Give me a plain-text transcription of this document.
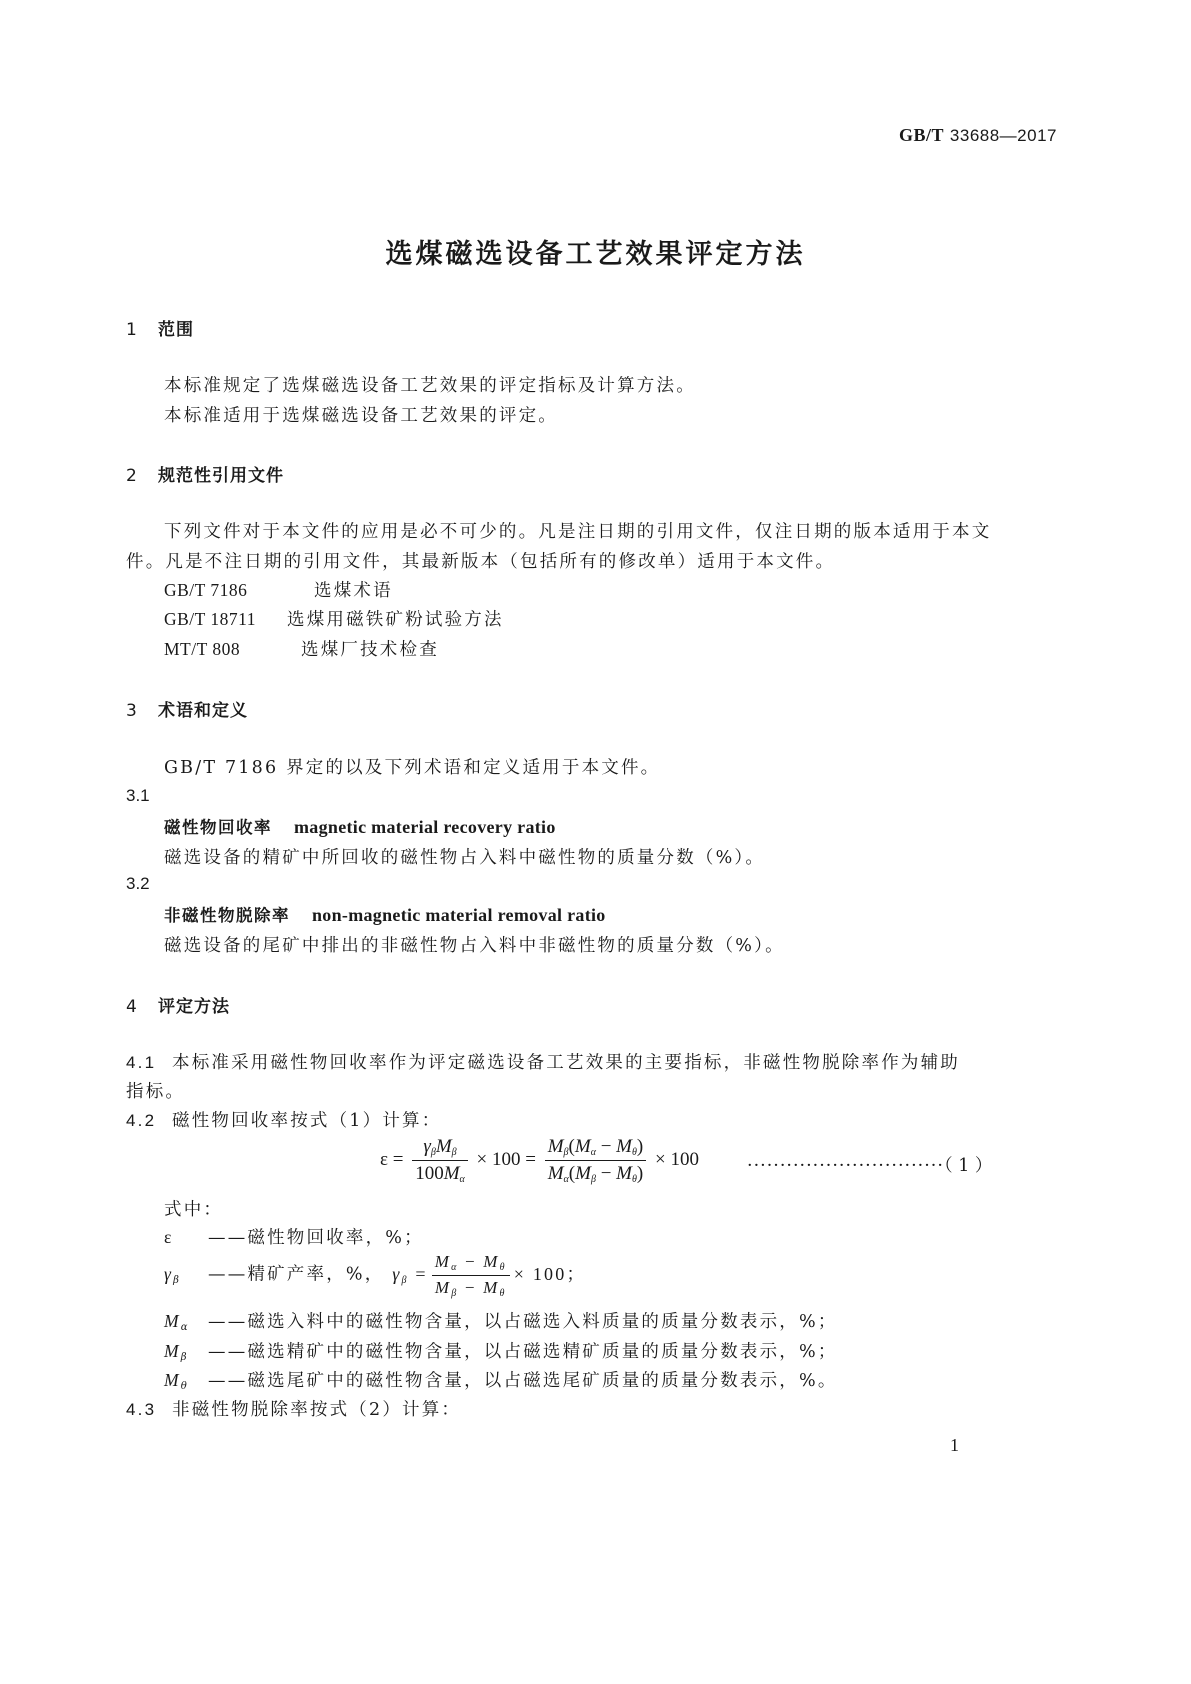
GB/T 33688—2017
选煤磁选设备工艺效果评定方法
1 范围
本标准规定了选煤磁选设备工艺效果的评定指标及计算方法。
本标准适用于选煤磁选设备工艺效果的评定。
2 规范性引用文件
下列文件对于本文件的应用是必不可少的。凡是注日期的引用文件，仅注日期的版本适用于本文
件。凡是不注日期的引用文件，其最新版本（包括所有的修改单）适用于本文件。
GB/T 7186	选煤术语
GB/T 18711 选煤用磁铁矿粉试验方法
MT/T 808	选煤厂技术检查
3 术语和定义
GB/T 7186 界定的以及下列术语和定义适用于本文件。
3.1
磁性物回收率 magnetic material recovery ratio
磁选设备的精矿中所回收的磁性物占入料中磁性物的质量分数（%）。
3.2
非磁性物脱除率 non-magnetic material removal ratio
磁选设备的尾矿中排出的非磁性物占入料中非磁性物的质量分数（%）。
4 评定方法
4.1 本标准采用磁性物回收率作为评定磁选设备工艺效果的主要指标，非磁性物脱除率作为辅助
指标。
4.2 磁性物回收率按式（1）计算：
$\varepsilon = \frac{\gamma_\beta M_\beta}{100M_\alpha} \times 100 = \frac{M_\beta(M_\alpha - M_\theta)}{M_\alpha(M_\beta - M_\theta)} \times 100$	······························（ 1 ）
式中：
ε ——磁性物回收率，%；
$\gamma_\beta$ ——精矿产率，%， $\gamma_\beta = \frac{M_\alpha - M_\theta}{M_\beta - M_\theta} \times 100$；
$M_\alpha$ ——磁选入料中的磁性物含量，以占磁选入料质量的质量分数表示，%；
$M_\beta$ ——磁选精矿中的磁性物含量，以占磁选精矿质量的质量分数表示，%；
$M_\theta$ ——磁选尾矿中的磁性物含量，以占磁选尾矿质量的质量分数表示，%。
4.3 非磁性物脱除率按式（2）计算：
1
